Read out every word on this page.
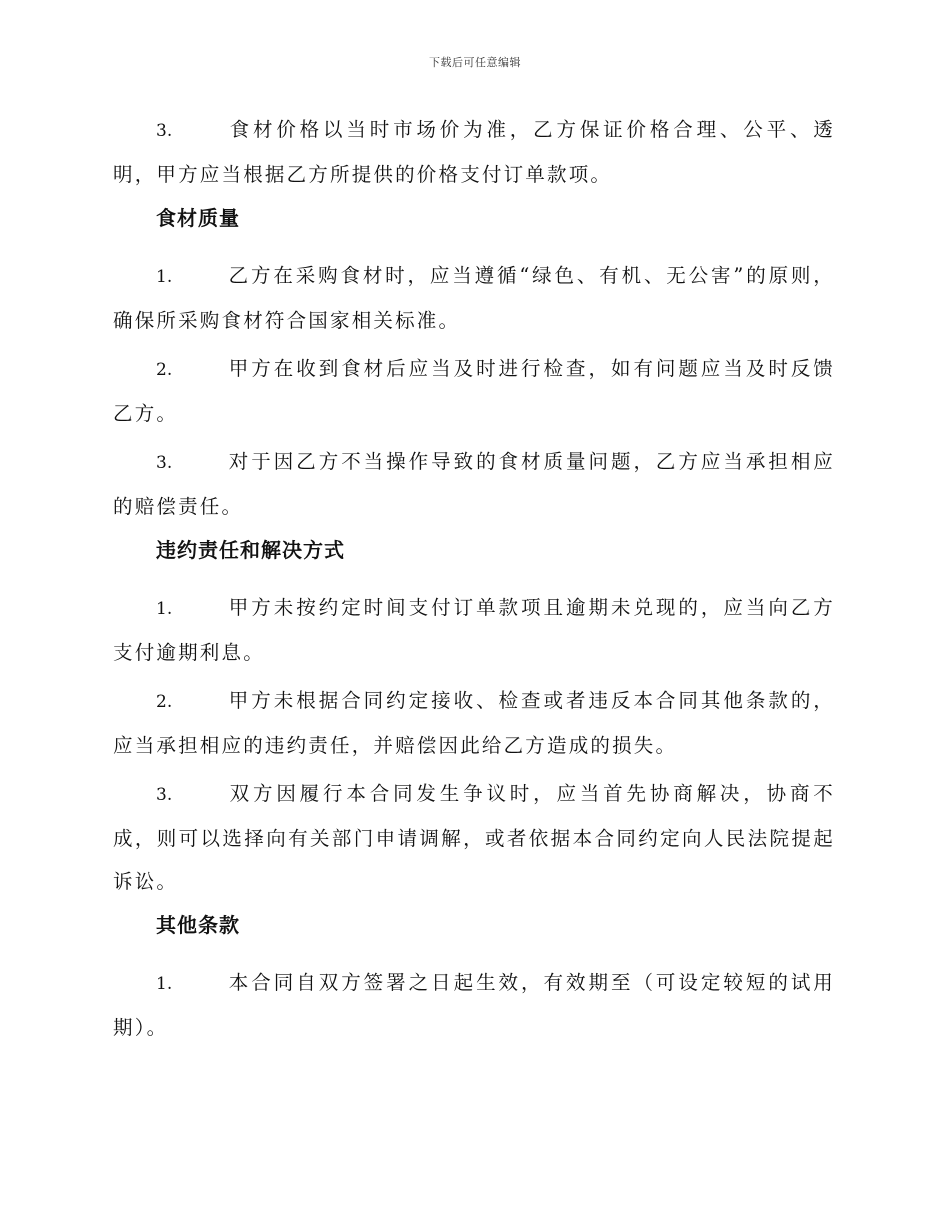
下载后可任意编辑

3.	食材价格以当时市场价为准，乙方保证价格合理、公平、透明，甲方应当根据乙方所提供的价格支付订单款项。

食材质量

1.	乙方在采购食材时，应当遵循“绿色、有机、无公害”的原则，确保所采购食材符合国家相关标准。

2.	甲方在收到食材后应当及时进行检查，如有问题应当及时反馈乙方。

3.	对于因乙方不当操作导致的食材质量问题，乙方应当承担相应的赔偿责任。

违约责任和解决方式

1.	甲方未按约定时间支付订单款项且逾期未兑现的，应当向乙方支付逾期利息。

2.	甲方未根据合同约定接收、检查或者违反本合同其他条款的，应当承担相应的违约责任，并赔偿因此给乙方造成的损失。

3.	双方因履行本合同发生争议时，应当首先协商解决，协商不成，则可以选择向有关部门申请调解，或者依据本合同约定向人民法院提起诉讼。

其他条款

1.	本合同自双方签署之日起生效，有效期至（可设定较短的试用期）。
